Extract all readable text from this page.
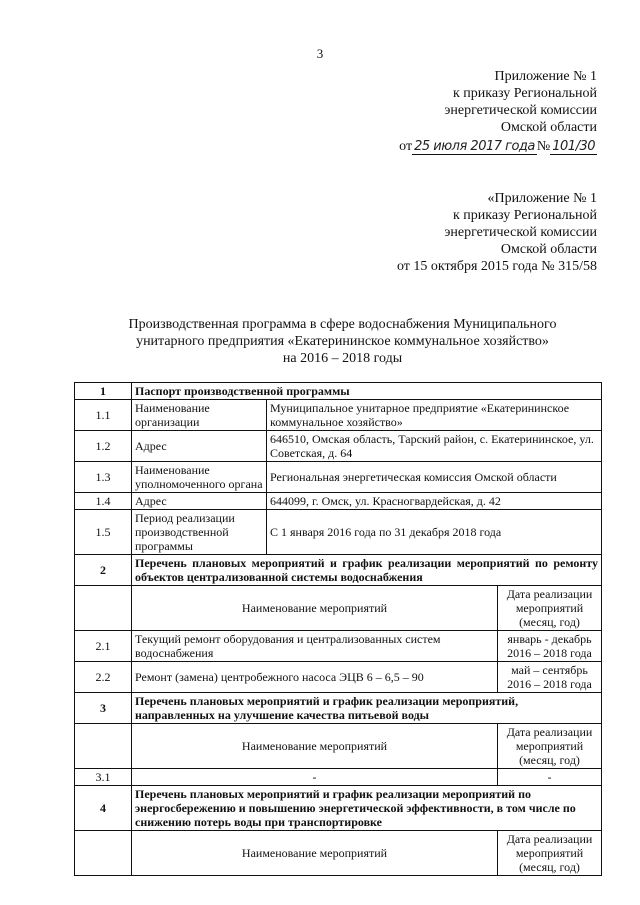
3
Приложение № 1
к приказу Региональной
энергетической комиссии
Омской области
от 25 июля 2017 года № 101/30
«Приложение № 1
к приказу Региональной
энергетической комиссии
Омской области
от 15 октября 2015 года № 315/58
Производственная программа в сфере водоснабжения Муниципального
унитарного предприятия «Екатерининское коммунальное хозяйство»
на 2016 – 2018 годы
1	Паспорт производственной программы		
1.1	Наименование организации	Муниципальное унитарное предприятие «Екатерининское коммунальное хозяйство»	
1.2	Адрес	646510, Омская область, Тарский район, с. Екатерининское, ул. Советская, д. 64	
1.3	Наименование уполномоченного органа	Региональная энергетическая комиссия Омской области	
1.4	Адрес	644099, г. Омск, ул. Красногвардейская, д. 42	
1.5	Период реализации производственной программы	С 1 января 2016 года по 31 декабря 2018 года	
2	Перечень плановых мероприятий и график реализации мероприятий по ремонту объектов централизованной системы водоснабжения		
	Наименование мероприятий		Дата реализации мероприятий (месяц, год)
2.1	Текущий ремонт оборудования и централизованных систем водоснабжения		январь - декабрь 2016 – 2018 года
2.2	Ремонт (замена) центробежного насоса ЭЦВ 6 – 6,5 – 90		май – сентябрь 2016 – 2018 года
3	Перечень плановых мероприятий и график реализации мероприятий, направленных на улучшение качества питьевой воды		
	Наименование мероприятий		Дата реализации мероприятий (месяц, год)
3.1	-		-
4	Перечень плановых мероприятий и график реализации мероприятий по энергосбережению и повышению энергетической эффективности, в том числе по снижению потерь воды при транспортировке		
	Наименование мероприятий		Дата реализации мероприятий (месяц, год)
